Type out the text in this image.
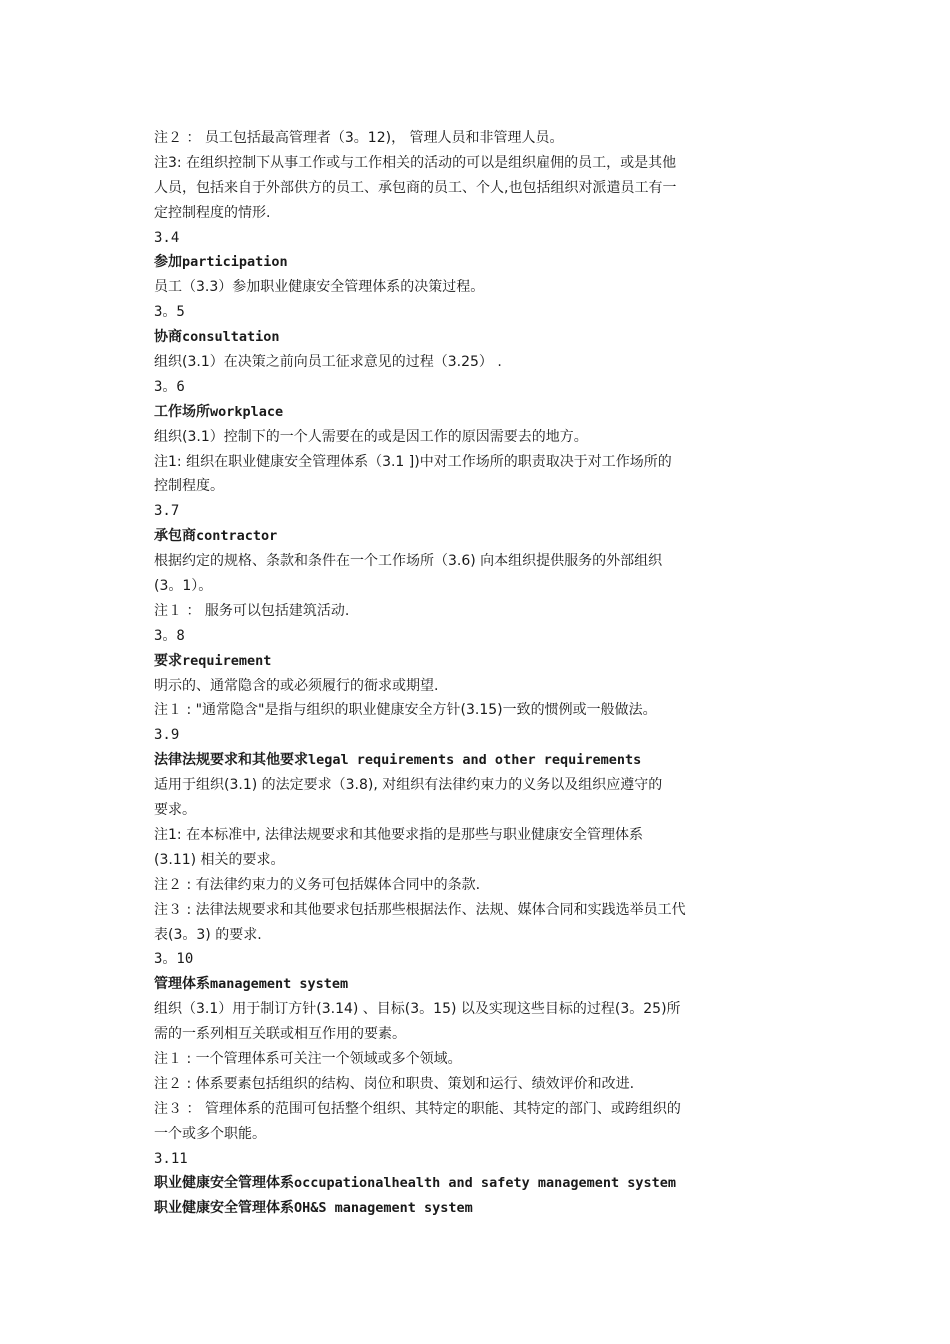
注２ ： 员工包括最高管理者（3。12)， 管理人员和非管理人员。
注3: 在组织控制下从事工作或与工作相关的活动的可以是组织雇佣的员工，或是其他
人员，包括来自于外部供方的员工、承包商的员工、个人,也包括组织对派遣员工有一
定控制程度的情形.
3.4
参加participation
员工（3.3）参加职业健康安全管理体系的决策过程。
3。5
协商consultation
组织(3.1）在决策之前向员工征求意见的过程（3.25） .
3。6
工作场所workplace
组织(3.1）控制下的一个人需要在的或是因工作的原因需要去的地方。
注1: 组织在职业健康安全管理体系（3.1 ])中对工作场所的职责取决于对工作场所的
控制程度。
3.7
承包商contractor
根据约定的规格、条款和条件在一个工作场所（3.6) 向本组织提供服务的外部组织
(3。1）。
注１ ： 服务可以包括建筑活动.
3。8
要求requirement
明示的、通常隐含的或必须履行的衙求或期望.
注１ : "通常隐含"是指与组织的职业健康安全方针(3.15)一致的惯例或一般做法。
3.9
法律法规要求和其他要求legal requirements and other requirements
适用于组织(3.1) 的法定要求（3.8), 对组织有法律约束力的义务以及组织应遵守的
要求。
注1: 在本标准中, 法律法规要求和其他要求指的是那些与职业健康安全管理体系
(3.11) 相关的要求。
注２ : 有法律约束力的义务可包括媒体合同中的条款.
注３ : 法律法规要求和其他要求包括那些根据法作、法规、媒体合同和实践选举员工代
表(3。3) 的要求.
3。10
管理体系management system
组织（3.1）用于制订方针(3.14) 、目标(3。15) 以及实现这些目标的过程(3。25)所
需的一系列相互关联或相互作用的要素。
注１ : 一个管理体系可关注一个领域或多个领域。
注２ : 体系要素包括组织的结构、岗位和职贵、策划和运行、绩效评价和改进.
注３ ： 管理体系的范围可包括整个组织、其特定的职能、其特定的部门、或跨组织的
一个或多个职能。
3.11
职业健康安全管理体系occupationalhealth and safety management system
职业健康安全管理体系OH&S management system
